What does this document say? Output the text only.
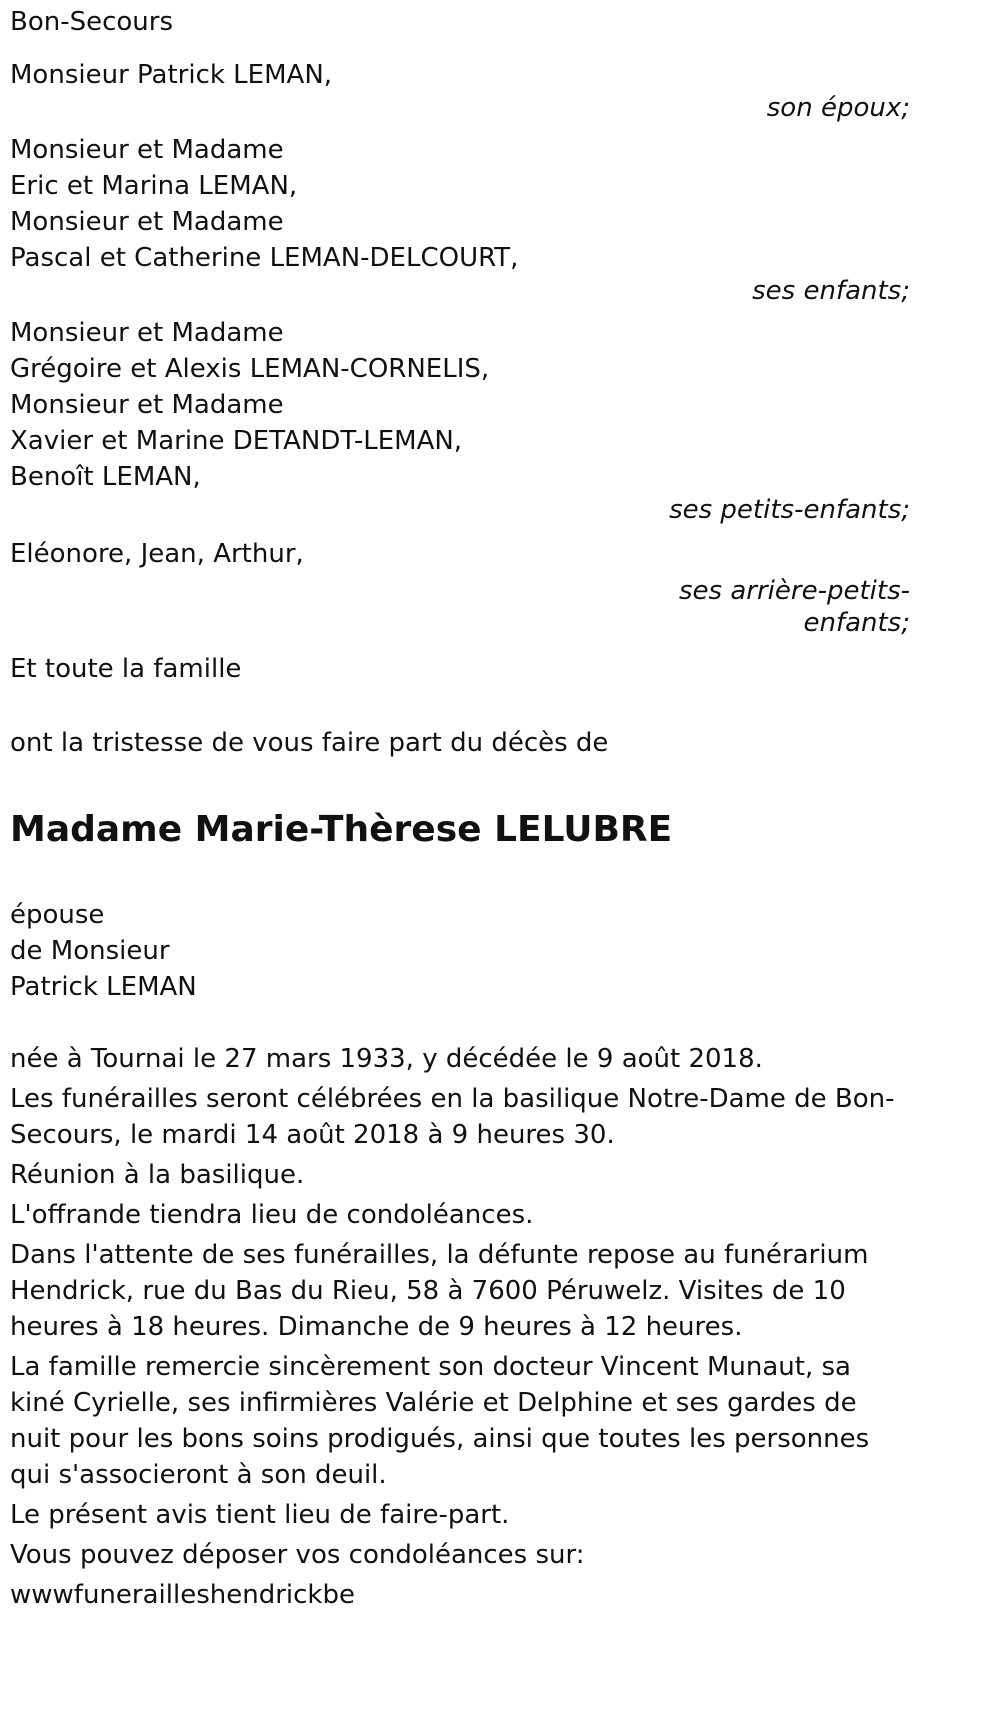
Bon-Secours
Monsieur Patrick LEMAN,
son époux;
Monsieur et Madame
Eric et Marina LEMAN,
Monsieur et Madame
Pascal et Catherine LEMAN-DELCOURT,
ses enfants;
Monsieur et Madame
Grégoire et Alexis LEMAN-CORNELIS,
Monsieur et Madame
Xavier et Marine DETANDT-LEMAN,
Benoît LEMAN,
ses petits-enfants;
Eléonore, Jean, Arthur,
ses arrière-petits-
enfants;
Et toute la famille
ont la tristesse de vous faire part du décès de
Madame Marie-Thèrese LELUBRE
épouse
de Monsieur
Patrick LEMAN
née à Tournai le 27 mars 1933, y décédée le 9 août 2018.
Les funérailles seront célébrées en la basilique Notre-Dame de Bon-Secours, le mardi 14 août 2018 à 9 heures 30.
Réunion à la basilique.
L'offrande tiendra lieu de condoléances.
Dans l'attente de ses funérailles, la défunte repose au funérarium Hendrick, rue du Bas du Rieu, 58 à 7600 Péruwelz. Visites de 10 heures à 18 heures. Dimanche de 9 heures à 12 heures.
La famille remercie sincèrement son docteur Vincent Munaut, sa kiné Cyrielle, ses infirmières Valérie et Delphine et ses gardes de nuit pour les bons soins prodigués, ainsi que toutes les personnes qui s'associeront à son deuil.
Le présent avis tient lieu de faire-part.
Vous pouvez déposer vos condoléances sur:
wwwfunerailleshendrickbe
